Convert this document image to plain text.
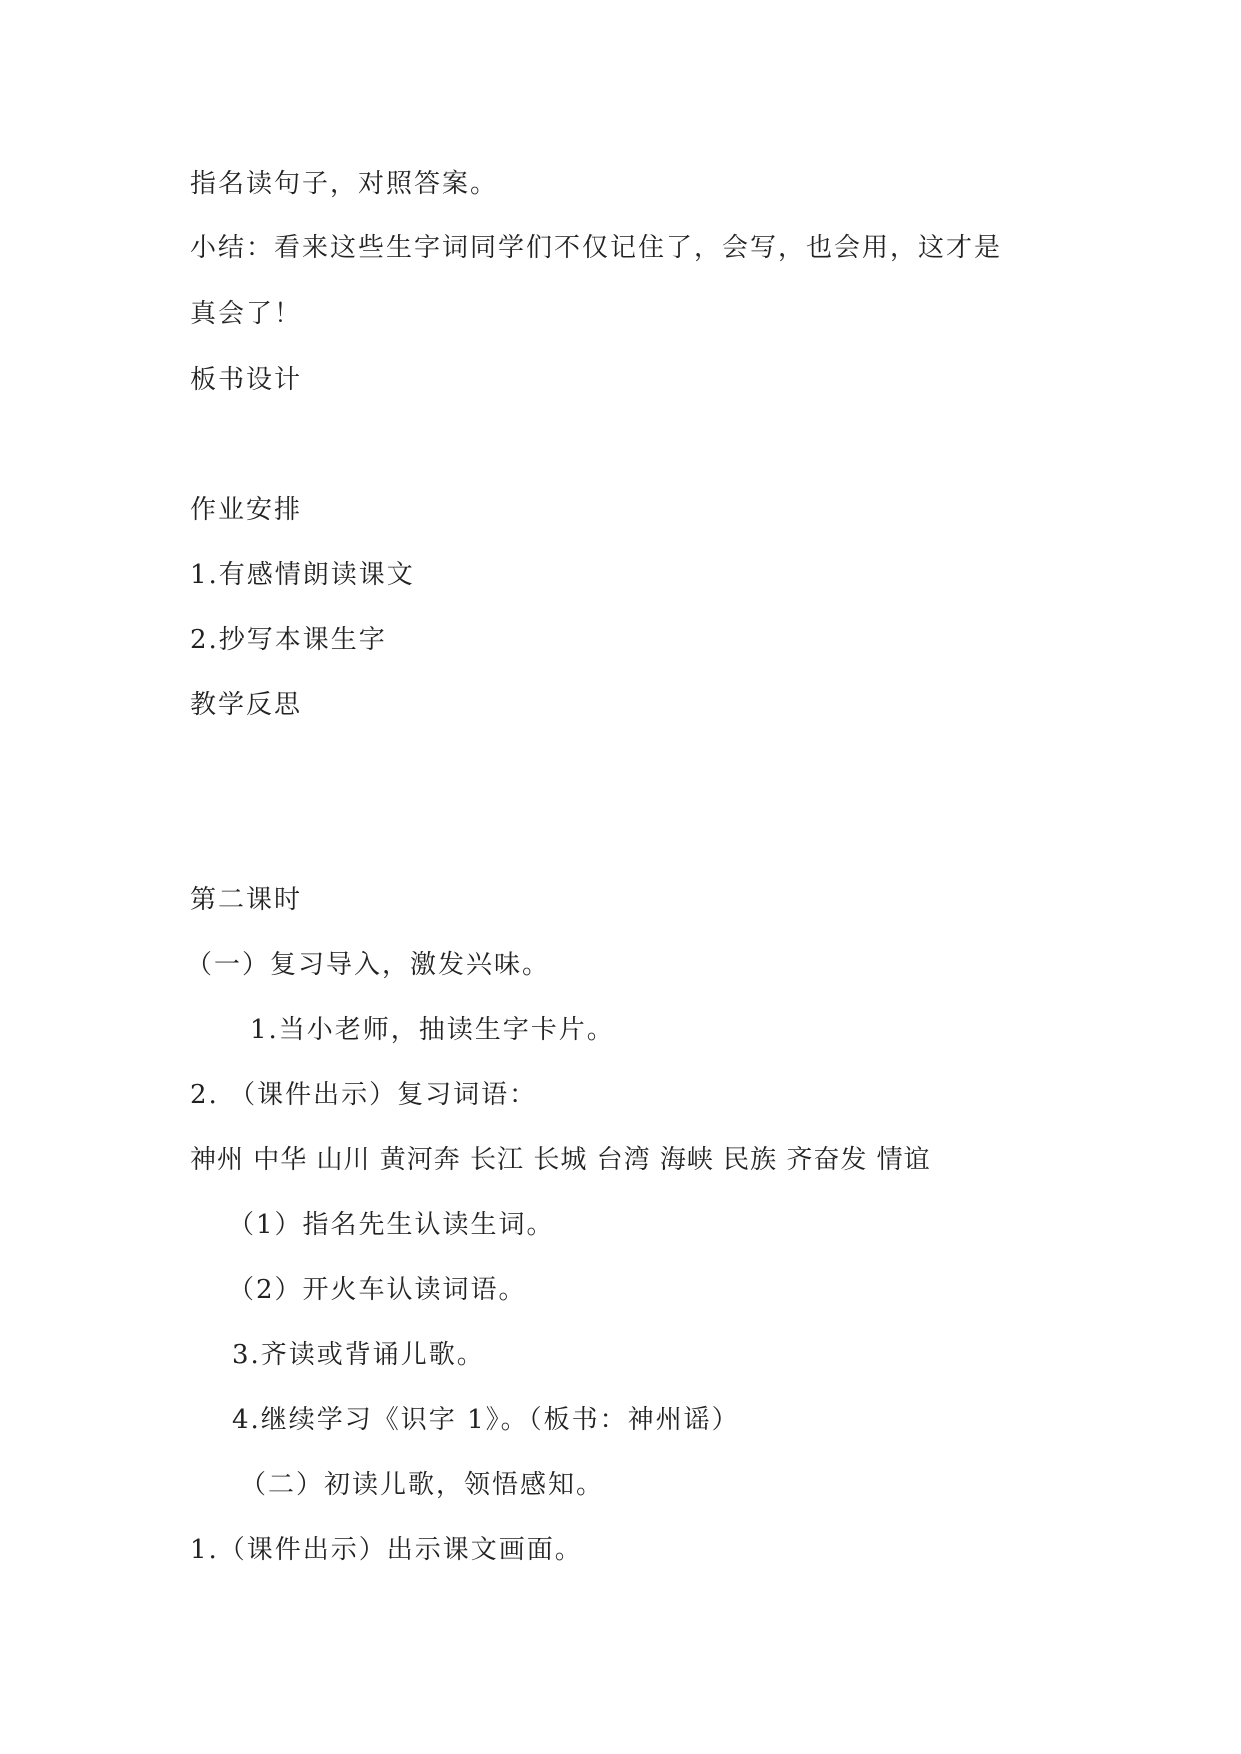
指名读句子，对照答案。

小结：看来这些生字词同学们不仅记住了，会写，也会用，这才是

真会了！

板书设计

作业安排

1.有感情朗读课文

2.抄写本课生字

教学反思

第二课时

（一）复习导入，激发兴味。

1.当小老师，抽读生字卡片。

2. （课件出示）复习词语：

神州 中华 山川 黄河奔 长江 长城 台湾 海峡 民族 齐奋发 情谊

（1）指名先生认读生词。

（2）开火车认读词语。

3.齐读或背诵儿歌。

4.继续学习《识字 1》。（板书：神州谣）

（二）初读儿歌，领悟感知。

1.（课件出示）出示课文画面。
